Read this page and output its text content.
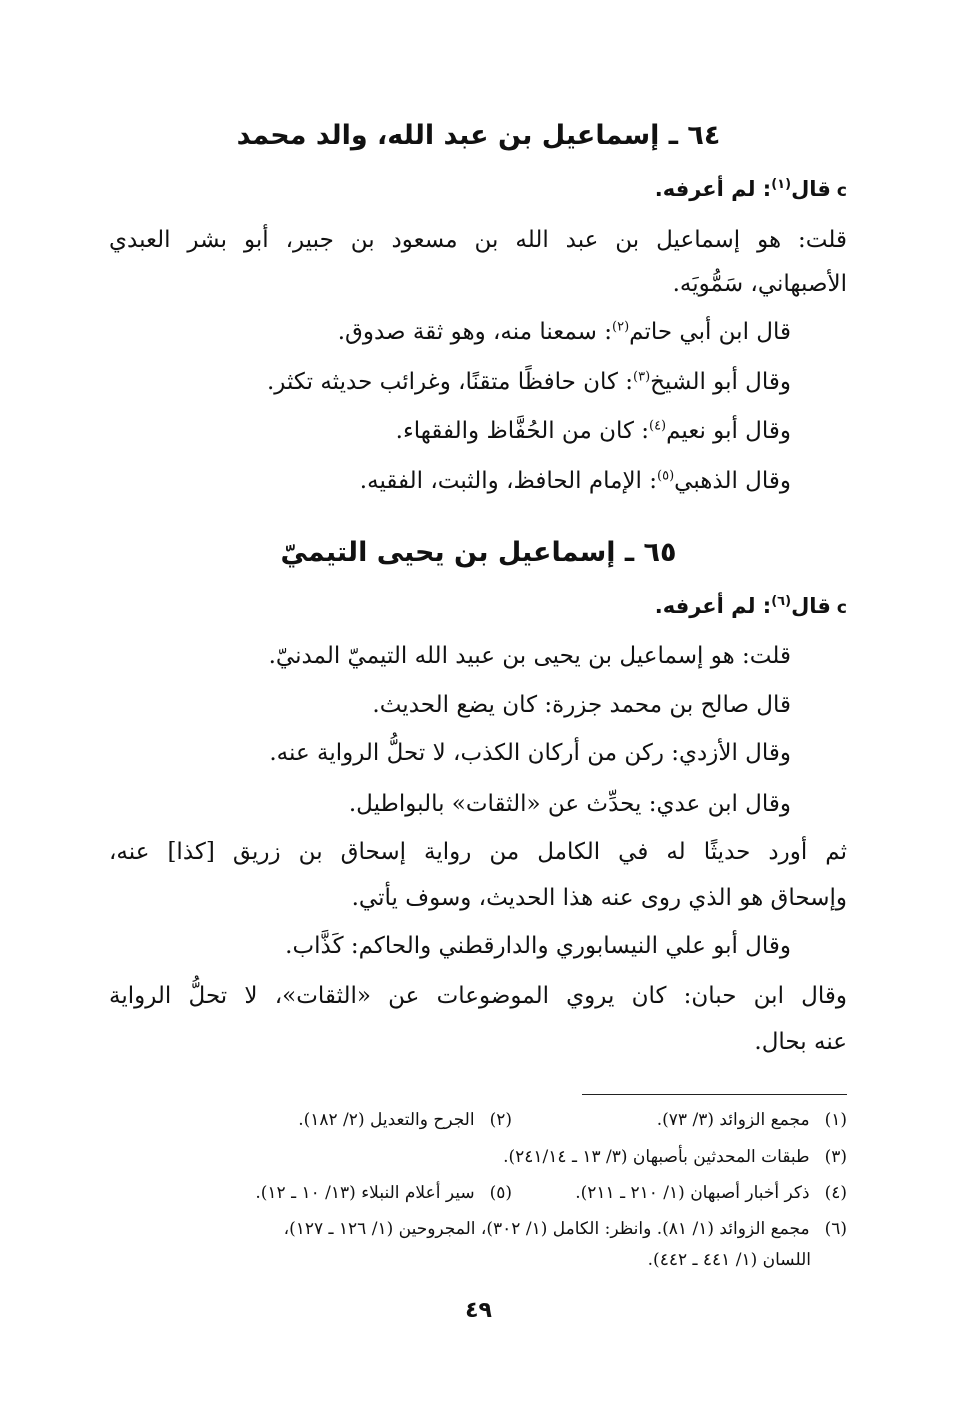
٦٤ ـ إسماعيل بن عبد الله، والد محمد
cقال$^{(١)}$: لم أعرفه.
قلت: هو إسماعيل بن عبد الله بن مسعود بن جبير، أبو بشر العبدي
الأصبهاني، سَمُّويَه.
قال ابن أبي حاتم$^{(٢)}$: سمعنا منه، وهو ثقة صدوق.
وقال أبو الشيخ$^{(٣)}$: كان حافظًا متقنًا، وغرائب حديثه تكثر.
وقال أبو نعيم$^{(٤)}$: كان من الحُفَّاظ والفقهاء.
وقال الذهبي$^{(٥)}$: الإمام الحافظ، والثبت، الفقيه.
٦٥ ـ إسماعيل بن يحيى التيميّ
cقال$^{(٦)}$: لم أعرفه.
قلت: هو إسماعيل بن يحيى بن عبيد الله التيميّ المدنيّ.
قال صالح بن محمد جزرة: كان يضع الحديث.
وقال الأزدي: ركن من أركان الكذب، لا تحلُّ الرواية عنه.
وقال ابن عدي: يحدِّث عن «الثقات» بالبواطيل.
ثم أورد حديثًا له في الكامل من رواية إسحاق بن زريق [كذا] عنه،
وإسحاق هو الذي روى عنه هذا الحديث، وسوف يأتي.
وقال أبو علي النيسابوري والدارقطني والحاكم: كَذَّاب.
وقال ابن حبان: كان يروي الموضوعات عن «الثقات»، لا تحلُّ الرواية
عنه بحال.
(١) مجمع الزوائد (٣/ ٧٣).
(٢) الجرح والتعديل (٢/ ١٨٢).
(٣) طبقات المحدثين بأصبهان (٣/ ١٣ ـ ٢٤١/١٤).
(٤) ذكر أخبار أصبهان (١/ ٢١٠ ـ ٢١١).
(٥) سير أعلام النبلاء (١٣/ ١٠ ـ ١٢).
(٦) مجمع الزوائد (١/ ٨١). وانظر: الكامل (١/ ٣٠٢)، المجروحين (١/ ١٢٦ ـ ١٢٧)،
اللسان (١/ ٤٤١ ـ ٤٤٢).
٤٩
